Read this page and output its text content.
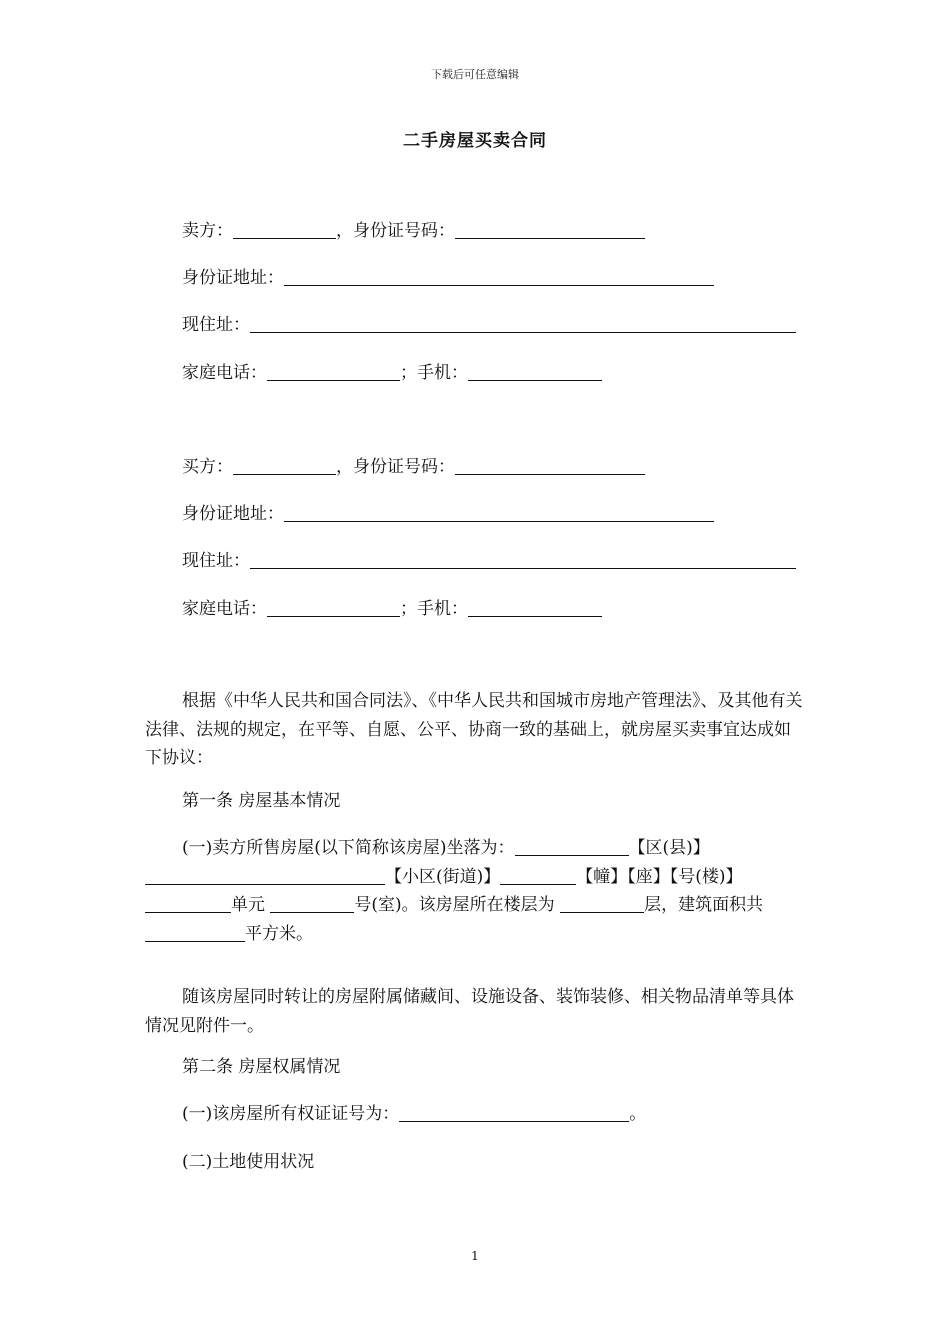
下载后可任意编辑
二手房屋买卖合同
卖方：	，身份证号码：
身份证地址：
现住址：
家庭电话：	；手机：
买方：	，身份证号码：
身份证地址：
现住址：
家庭电话：	；手机：
根据《中华人民共和国合同法》、《中华人民共和国城市房地产管理法》、及其他有关法律、法规的规定，在平等、自愿、公平、协商一致的基础上，就房屋买卖事宜达成如下协议：
第一条 房屋基本情况
(一)卖方所售房屋(以下简称该房屋)坐落为：	【区(县)】【小区(街道)】	【幢】【座】【号(楼)】单元	号(室)。该房屋所在楼层为	层，建筑面积共平方米。
随该房屋同时转让的房屋附属储藏间、设施设备、装饰装修、相关物品清单等具体情况见附件一。
第二条 房屋权属情况
(一)该房屋所有权证证号为：	。
(二)土地使用状况
1
